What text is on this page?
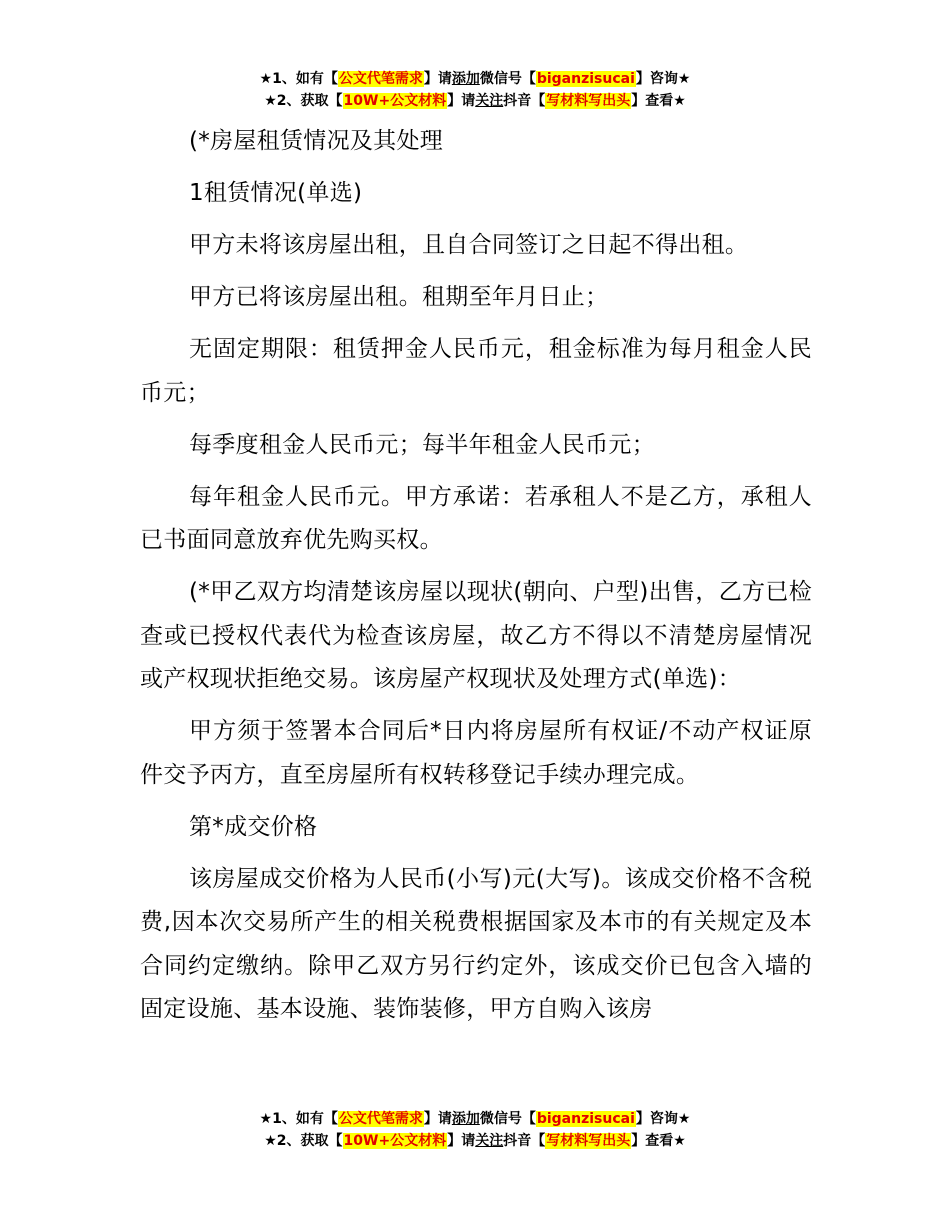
★1、如有【公文代笔需求】请添加微信号【biganzisucai】咨询★
★2、获取【10W+公文材料】请关注抖音【写材料写出头】查看★

(*房屋租赁情况及其处理

1租赁情况(单选)

甲方未将该房屋出租，且自合同签订之日起不得出租。

甲方已将该房屋出租。租期至年月日止；

无固定期限：租赁押金人民币元，租金标准为每月租金人民币元；

每季度租金人民币元；每半年租金人民币元；

每年租金人民币元。甲方承诺：若承租人不是乙方，承租人已书面同意放弃优先购买权。

(*甲乙双方均清楚该房屋以现状(朝向、户型)出售，乙方已检查或已授权代表代为检查该房屋，故乙方不得以不清楚房屋情况或产权现状拒绝交易。该房屋产权现状及处理方式(单选)：

甲方须于签署本合同后*日内将房屋所有权证/不动产权证原件交予丙方，直至房屋所有权转移登记手续办理完成。

第*成交价格

该房屋成交价格为人民币(小写)元(大写)。该成交价格不含税费,因本次交易所产生的相关税费根据国家及本市的有关规定及本合同约定缴纳。除甲乙双方另行约定外，该成交价已包含入墙的固定设施、基本设施、装饰装修，甲方自购入该房

★1、如有【公文代笔需求】请添加微信号【biganzisucai】咨询★
★2、获取【10W+公文材料】请关注抖音【写材料写出头】查看★
